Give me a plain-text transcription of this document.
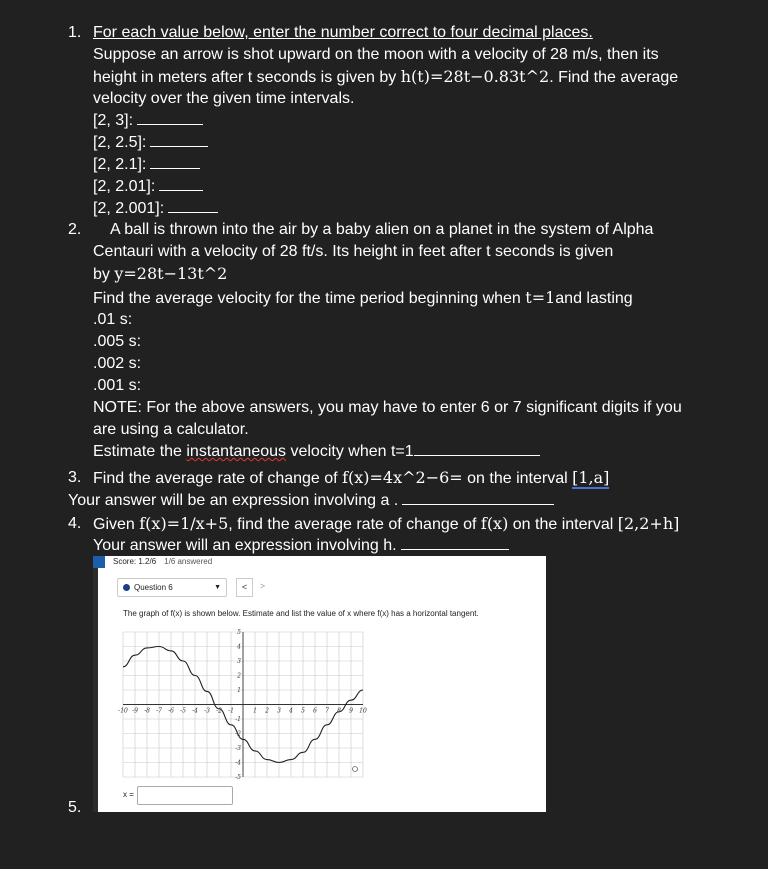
1. For each value below, enter the number correct to four decimal places.
Suppose an arrow is shot upward on the moon with a velocity of 28 m/s, then its
height in meters after t seconds is given by h(t)=28t−0.83t^2. Find the average
velocity over the given time intervals.
[2, 3]:
[2, 2.5]:
[2, 2.1]:
[2, 2.01]:
[2, 2.001]:
2. A ball is thrown into the air by a baby alien on a planet in the system of Alpha
Centauri with a velocity of 28 ft/s. Its height in feet after t seconds is given
by y=28t−13t^2
Find the average velocity for the time period beginning when t=1and lasting
.01 s:
.005 s:
.002 s:
.001 s:
NOTE: For the above answers, you may have to enter 6 or 7 significant digits if you
are using a calculator.
Estimate the instantaneous velocity when t=1
3. Find the average rate of change of f(x)=4x^2−6= on the interval [1,a]
Your answer will be an expression involving a .
4. Given f(x)=1/x+5, find the average rate of change of f(x) on the interval [2,2+h]
Your answer will an expression involving h.
5.
Score: 1.2/6 1/6 answered
Question 6	▼	<	>
The graph of f(x) is shown below. Estimate and list the value of x where f(x) has a horizontal tangent.
-10 -9 -8 -7 -6 -5 -4 -3 -2 -1	1 2 3 4 5 6 7 8 9 10
5
4
3
2
1
-1
-2
-3
-4
-5
x =
